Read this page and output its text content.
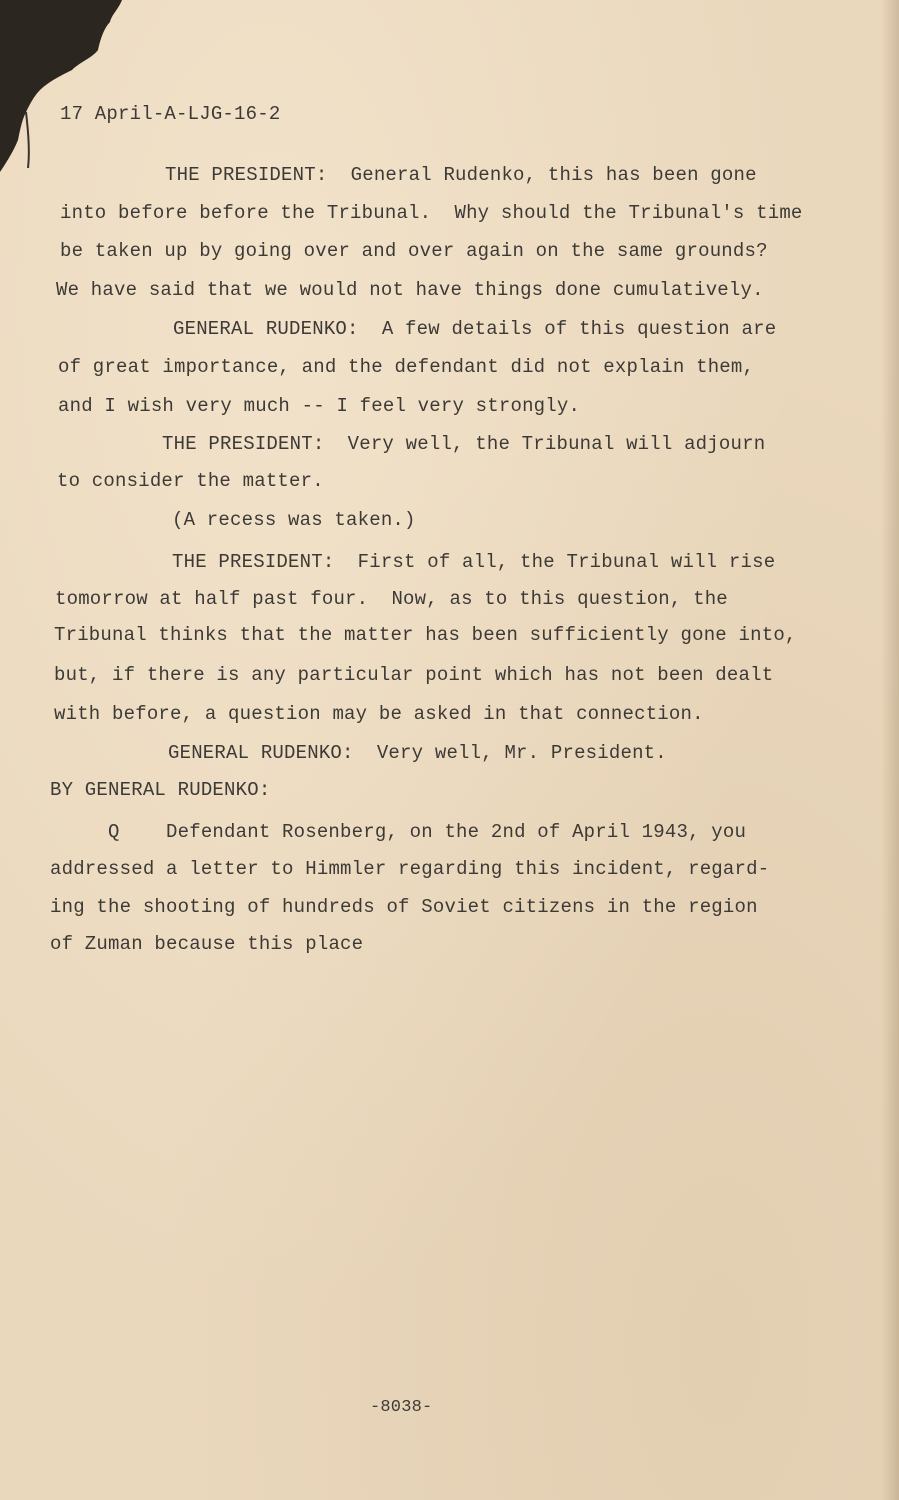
17 April-A-LJG-16-2

THE PRESIDENT:  General Rudenko, this has been gone

into before before the Tribunal.  Why should the Tribunal's time

be taken up by going over and over again on the same grounds?

We have said that we would not have things done cumulatively.

GENERAL RUDENKO:  A few details of this question are

of great importance, and the defendant did not explain them,

and I wish very much -- I feel very strongly.

THE PRESIDENT:  Very well, the Tribunal will adjourn

to consider the matter.

(A recess was taken.)

THE PRESIDENT:  First of all, the Tribunal will rise

tomorrow at half past four.  Now, as to this question, the

Tribunal thinks that the matter has been sufficiently gone into,

but, if there is any particular point which has not been dealt

with before, a question may be asked in that connection.

GENERAL RUDENKO:  Very well, Mr. President.

BY GENERAL RUDENKO:

Q    Defendant Rosenberg, on the 2nd of April 1943, you

addressed a letter to Himmler regarding this incident, regard-

ing the shooting of hundreds of Soviet citizens in the region

of Zuman because this place

-8038-
